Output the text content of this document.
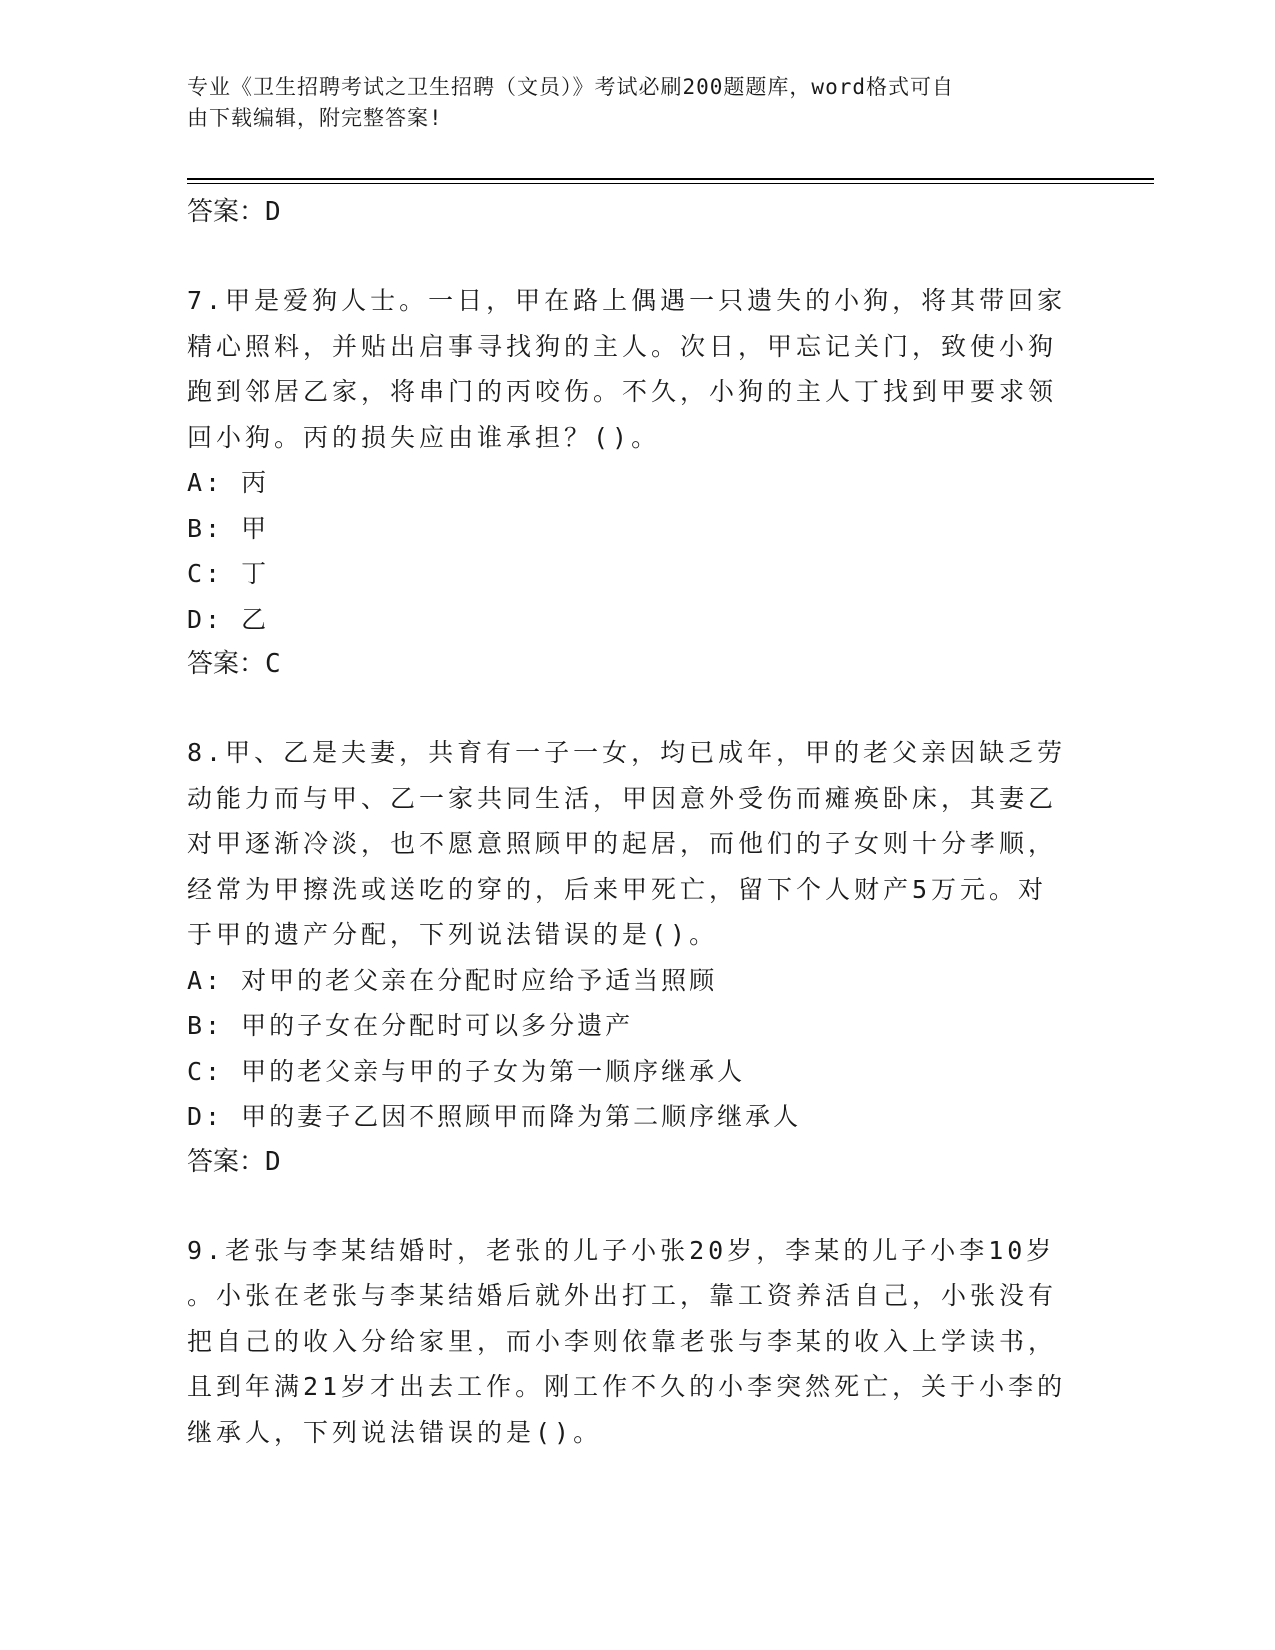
专业《卫生招聘考试之卫生招聘（文员）》考试必刷200题题库，word格式可自
由下载编辑，附完整答案!
答案：D
7.甲是爱狗人士。一日，甲在路上偶遇一只遗失的小狗，将其带回家
精心照料，并贴出启事寻找狗的主人。次日，甲忘记关门，致使小狗
跑到邻居乙家，将串门的丙咬伤。不久，小狗的主人丁找到甲要求领
回小狗。丙的损失应由谁承担？()。
A: 丙
B: 甲
C: 丁
D: 乙
答案：C
8.甲、乙是夫妻，共育有一子一女，均已成年，甲的老父亲因缺乏劳
动能力而与甲、乙一家共同生活，甲因意外受伤而瘫痪卧床，其妻乙
对甲逐渐冷淡，也不愿意照顾甲的起居，而他们的子女则十分孝顺，
经常为甲擦洗或送吃的穿的，后来甲死亡，留下个人财产5万元。对
于甲的遗产分配，下列说法错误的是()。
A: 对甲的老父亲在分配时应给予适当照顾
B: 甲的子女在分配时可以多分遗产
C: 甲的老父亲与甲的子女为第一顺序继承人
D: 甲的妻子乙因不照顾甲而降为第二顺序继承人
答案：D
9.老张与李某结婚时，老张的儿子小张20岁，李某的儿子小李10岁
。小张在老张与李某结婚后就外出打工，靠工资养活自己，小张没有
把自己的收入分给家里，而小李则依靠老张与李某的收入上学读书，
且到年满21岁才出去工作。刚工作不久的小李突然死亡，关于小李的
继承人，下列说法错误的是()。
